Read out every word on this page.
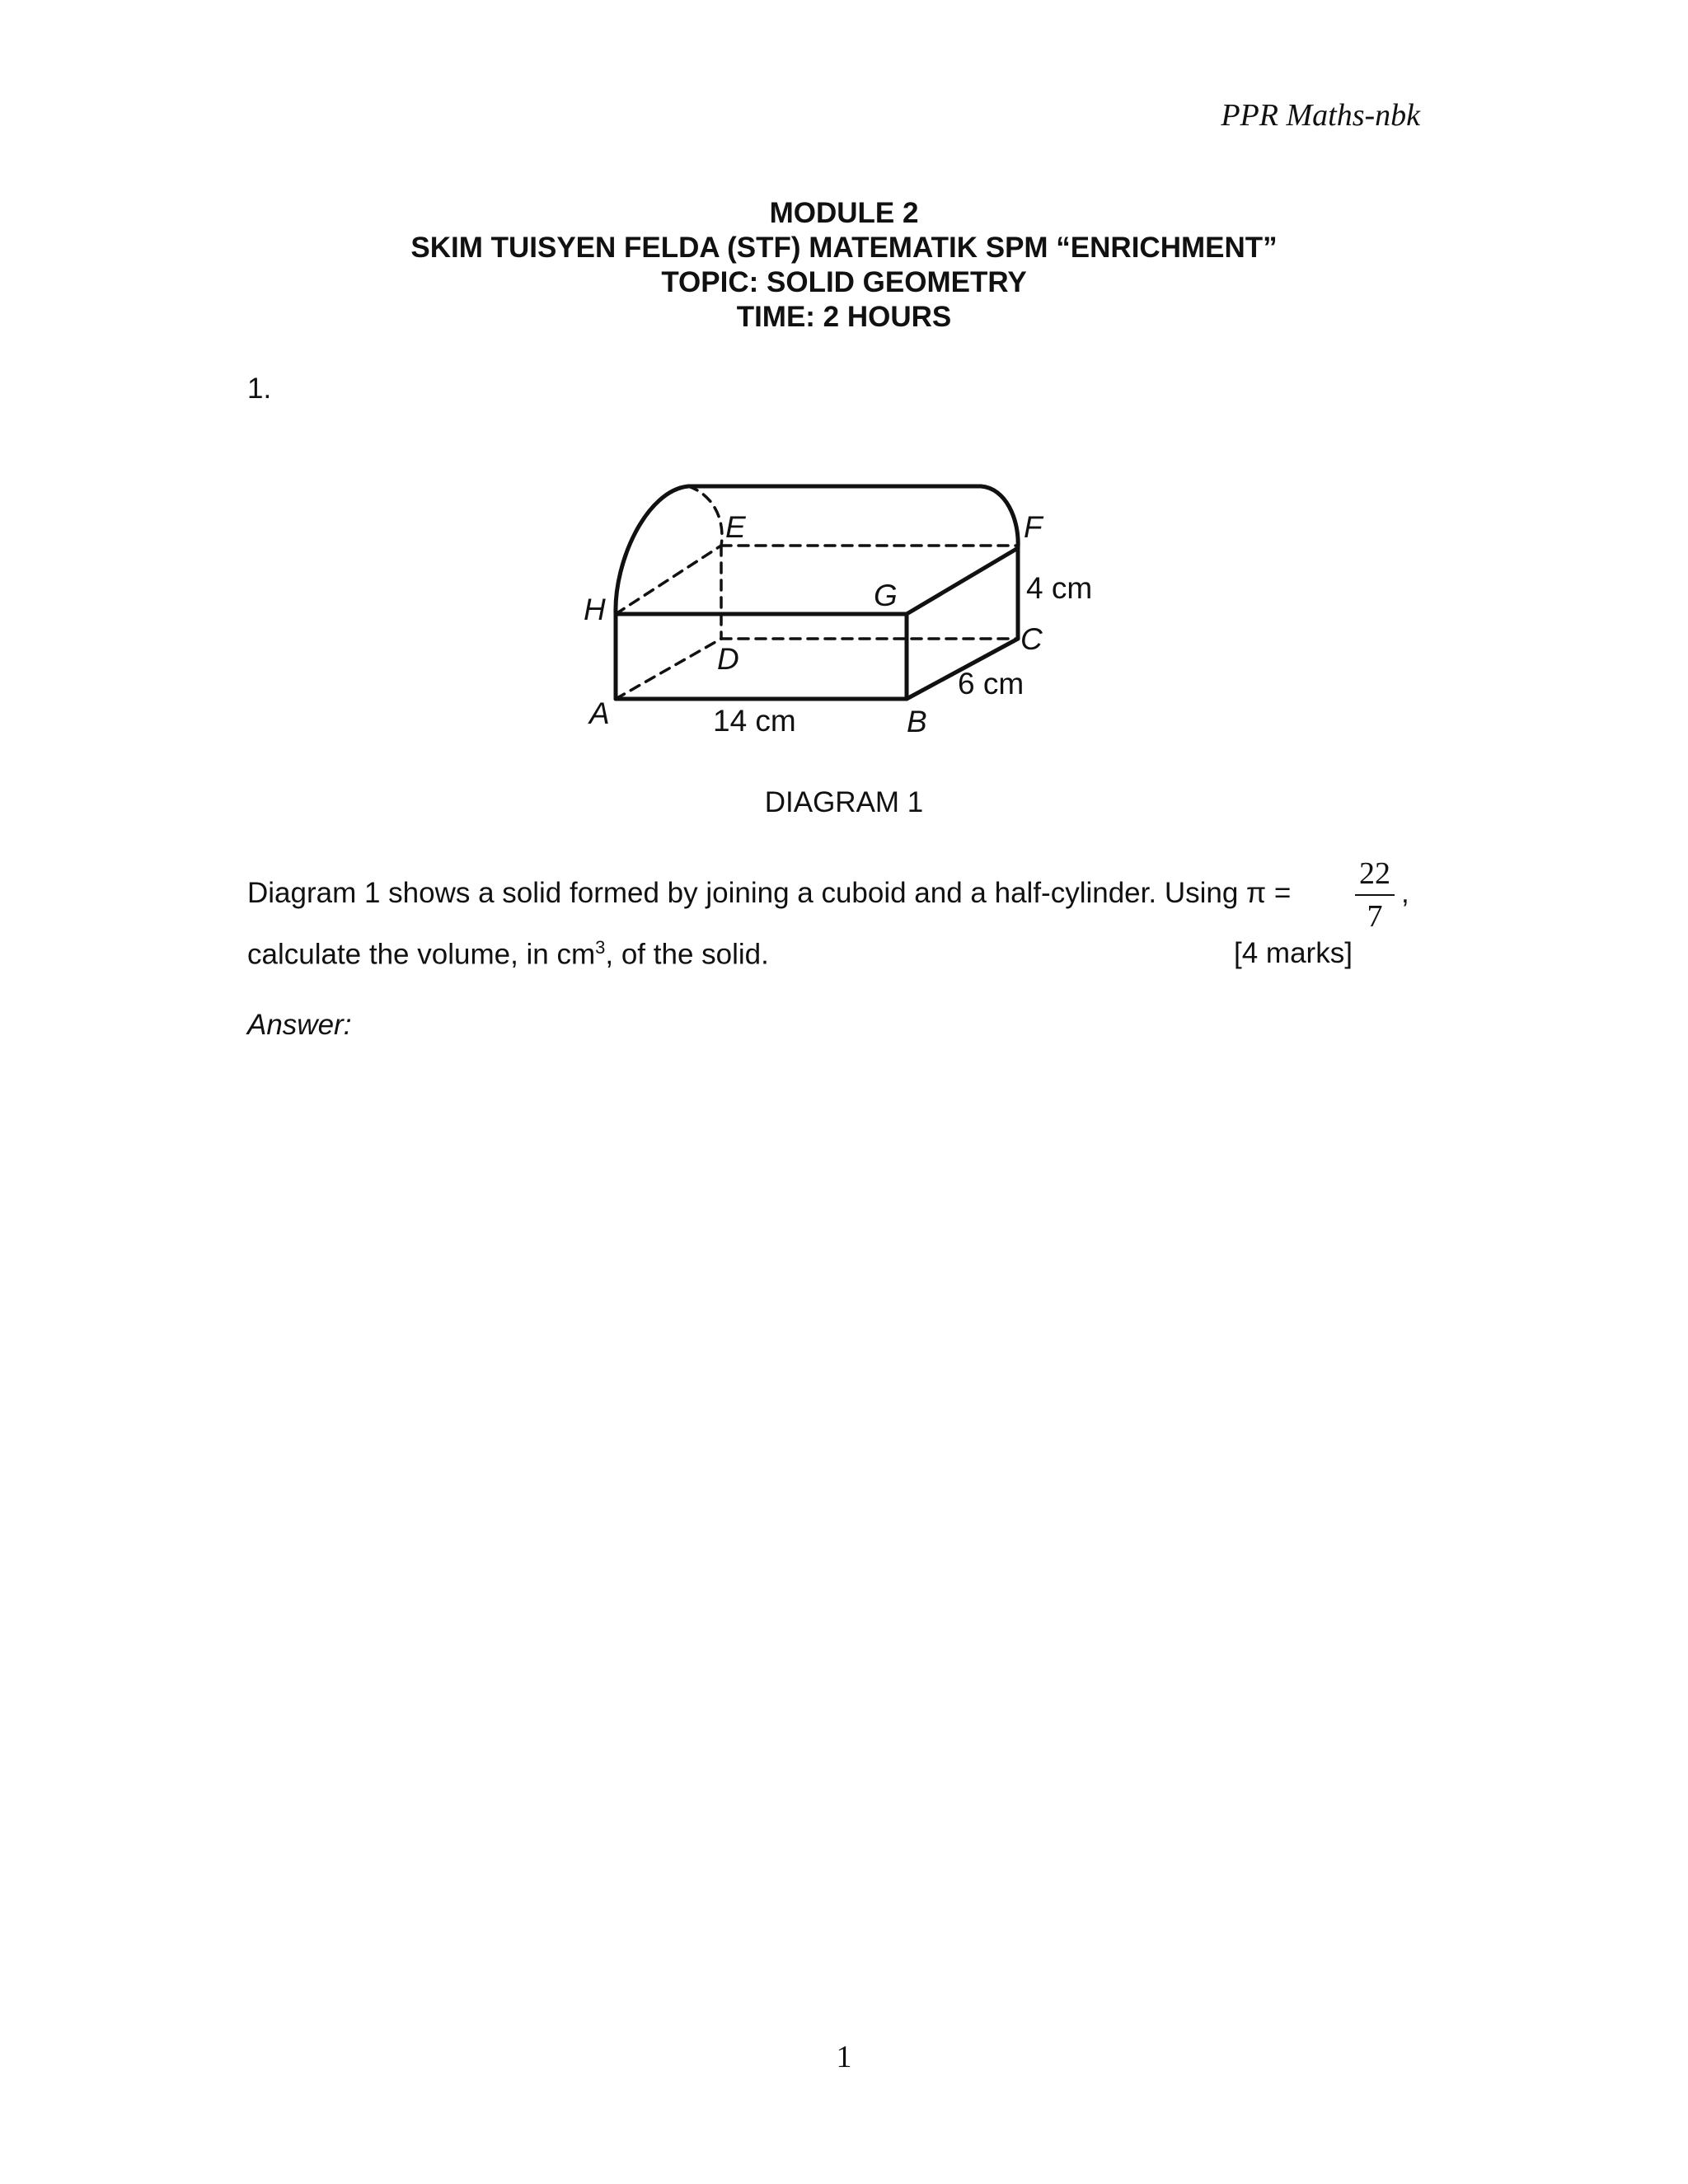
PPR Maths-nbk
MODULE 2
SKIM TUISYEN FELDA (STF) MATEMATIK SPM “ENRICHMENT”
TOPIC: SOLID GEOMETRY
TIME: 2 HOURS
1.
E	F
G
H
D
C
A	B
4 cm
6 cm
14 cm
DIAGRAM 1
Diagram 1 shows a solid formed by joining a cuboid and a half-cylinder. Using π =
22
7
,
calculate the volume, in $cm^3$, of the solid.	[4 marks]
Answer:
1
